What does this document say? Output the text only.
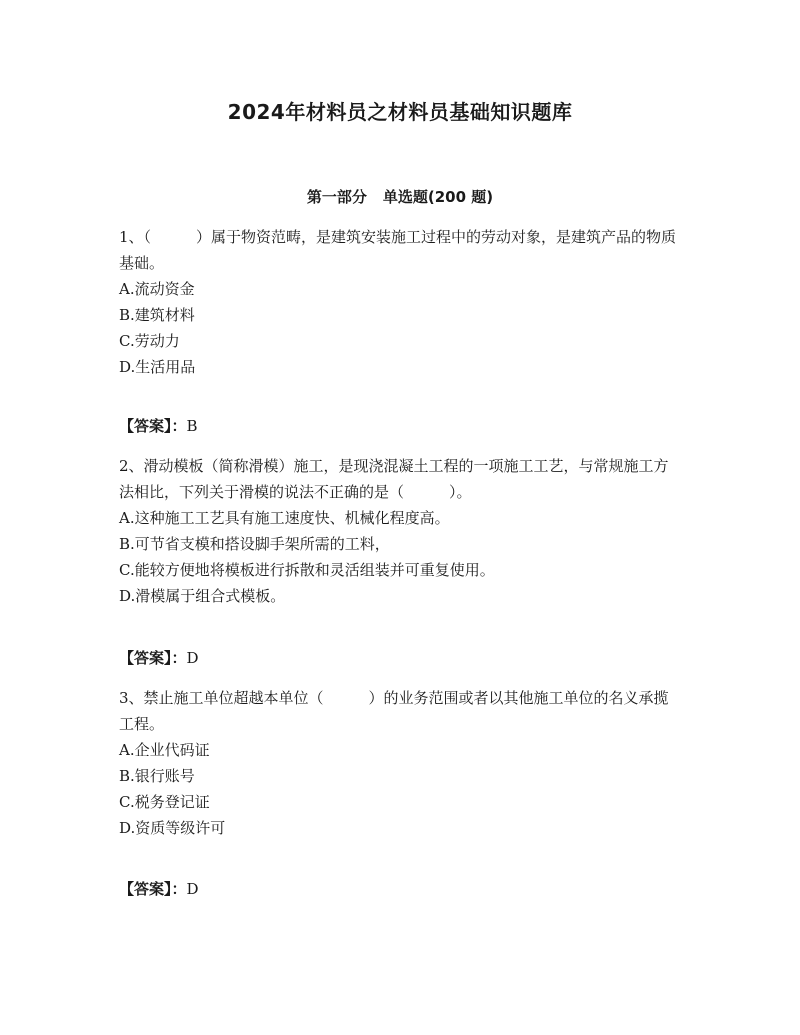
2024年材料员之材料员基础知识题库
第一部分 单选题(200 题)

1、（　　　）属于物资范畴，是建筑安装施工过程中的劳动对象，是建筑产品的物质基础。

A.流动资金

B.建筑材料

C.劳动力

D.生活用品

【答案】：B

2、滑动模板（简称滑模）施工，是现浇混凝土工程的一项施工工艺，与常规施工方法相比，下列关于滑模的说法不正确的是（　　　）。

A.这种施工工艺具有施工速度快、机械化程度高。

B.可节省支模和搭设脚手架所需的工料，

C.能较方便地将模板进行拆散和灵活组装并可重复使用。

D.滑模属于组合式模板。

【答案】：D

3、禁止施工单位超越本单位（　　　）的业务范围或者以其他施工单位的名义承揽工程。

A.企业代码证

B.银行账号

C.税务登记证

D.资质等级许可

【答案】：D
